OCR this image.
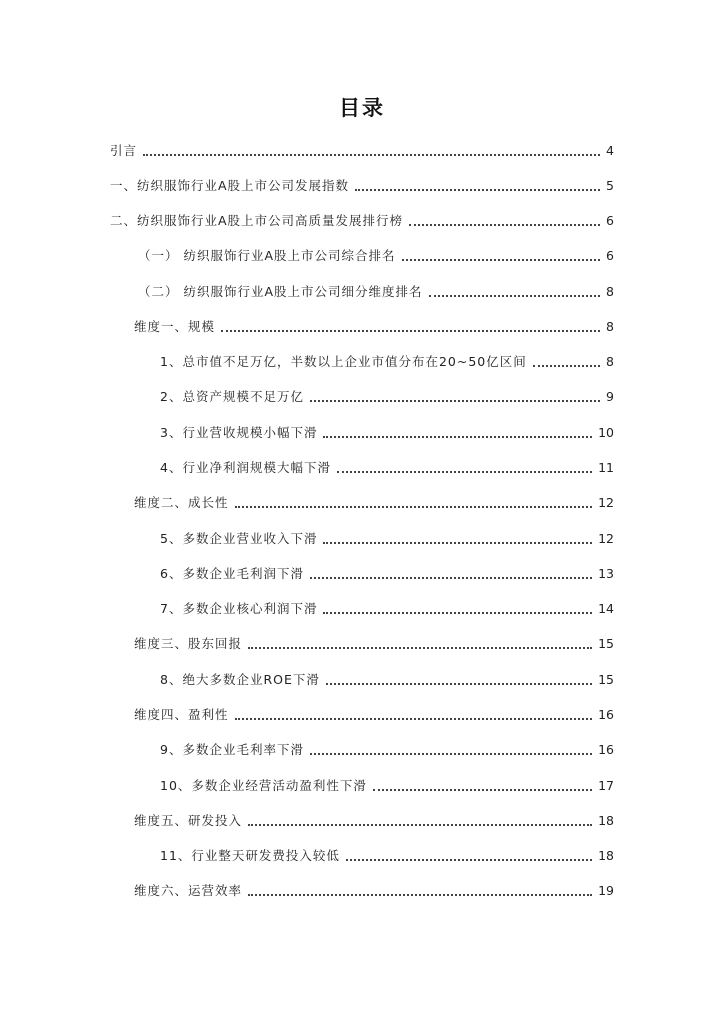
目录
引言	4
一、纺织服饰行业A股上市公司发展指数	5
二、纺织服饰行业A股上市公司高质量发展排行榜	6
（一） 纺织服饰行业A股上市公司综合排名	6
（二） 纺织服饰行业A股上市公司细分维度排名	8
维度一、规模	8
1、总市值不足万亿，半数以上企业市值分布在20~50亿区间	8
2、总资产规模不足万亿	9
3、行业营收规模小幅下滑	10
4、行业净利润规模大幅下滑	11
维度二、成长性	12
5、多数企业营业收入下滑	12
6、多数企业毛利润下滑	13
7、多数企业核心利润下滑	14
维度三、股东回报	15
8、绝大多数企业ROE下滑	15
维度四、盈利性	16
9、多数企业毛利率下滑	16
10、多数企业经营活动盈利性下滑	17
维度五、研发投入	18
11、行业整天研发费投入较低	18
维度六、运营效率	19
